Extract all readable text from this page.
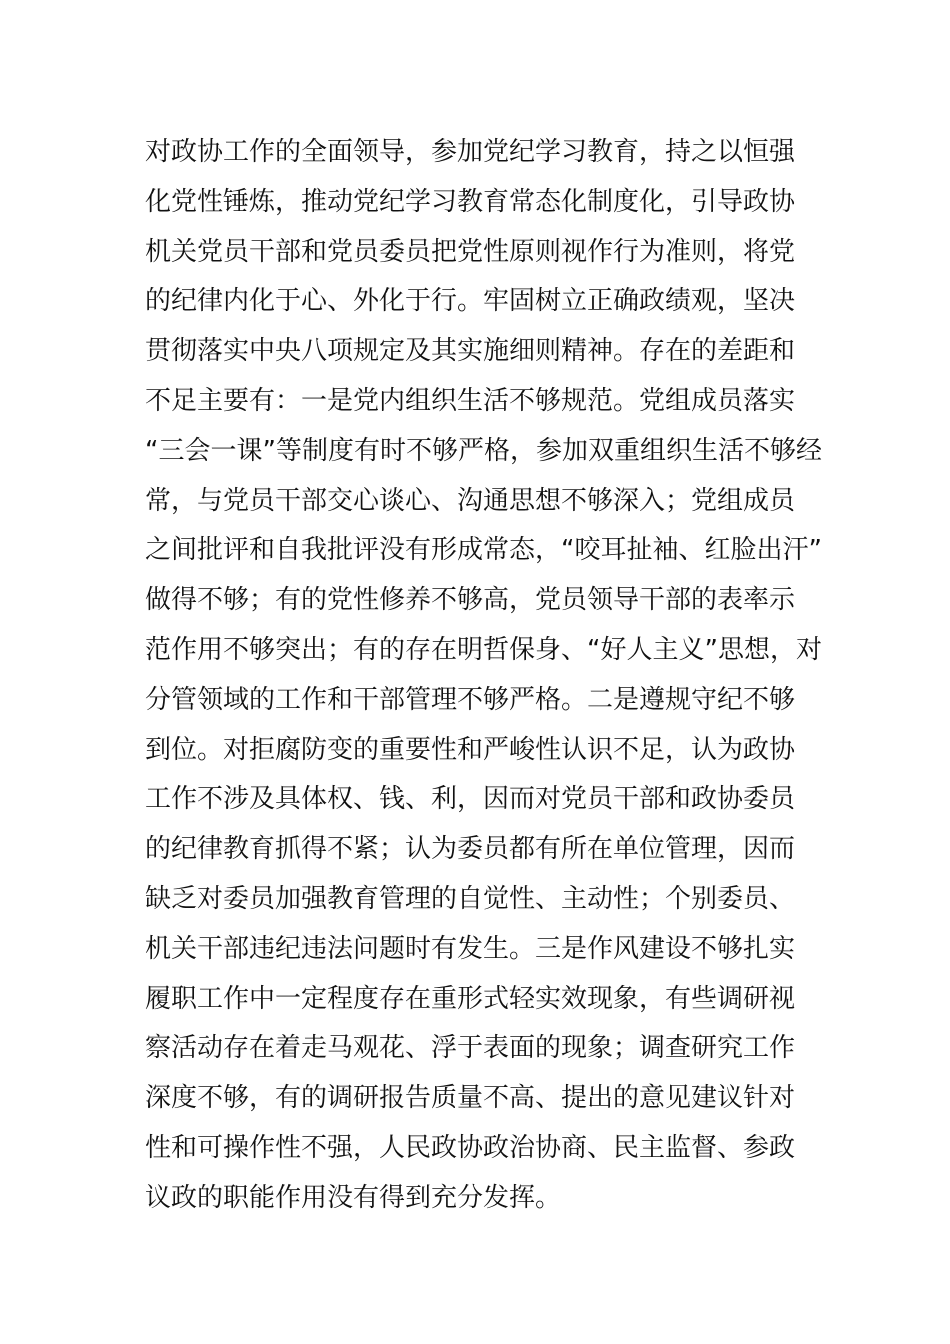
对政协工作的全面领导，参加党纪学习教育，持之以恒强
化党性锤炼，推动党纪学习教育常态化制度化，引导政协
机关党员干部和党员委员把党性原则视作行为准则，将党
的纪律内化于心、外化于行。牢固树立正确政绩观，坚决
贯彻落实中央八项规定及其实施细则精神。存在的差距和
不足主要有：一是党内组织生活不够规范。党组成员落实
“三会一课”等制度有时不够严格，参加双重组织生活不够经
常，与党员干部交心谈心、沟通思想不够深入；党组成员
之间批评和自我批评没有形成常态，“咬耳扯袖、红脸出汗”
做得不够；有的党性修养不够高，党员领导干部的表率示
范作用不够突出；有的存在明哲保身、“好人主义”思想，对
分管领域的工作和干部管理不够严格。二是遵规守纪不够
到位。对拒腐防变的重要性和严峻性认识不足，认为政协
工作不涉及具体权、钱、利，因而对党员干部和政协委员
的纪律教育抓得不紧；认为委员都有所在单位管理，因而
缺乏对委员加强教育管理的自觉性、主动性；个别委员、
机关干部违纪违法问题时有发生。三是作风建设不够扎实
履职工作中一定程度存在重形式轻实效现象，有些调研视
察活动存在着走马观花、浮于表面的现象；调查研究工作
深度不够，有的调研报告质量不高、提出的意见建议针对
性和可操作性不强，人民政协政治协商、民主监督、参政
议政的职能作用没有得到充分发挥。
